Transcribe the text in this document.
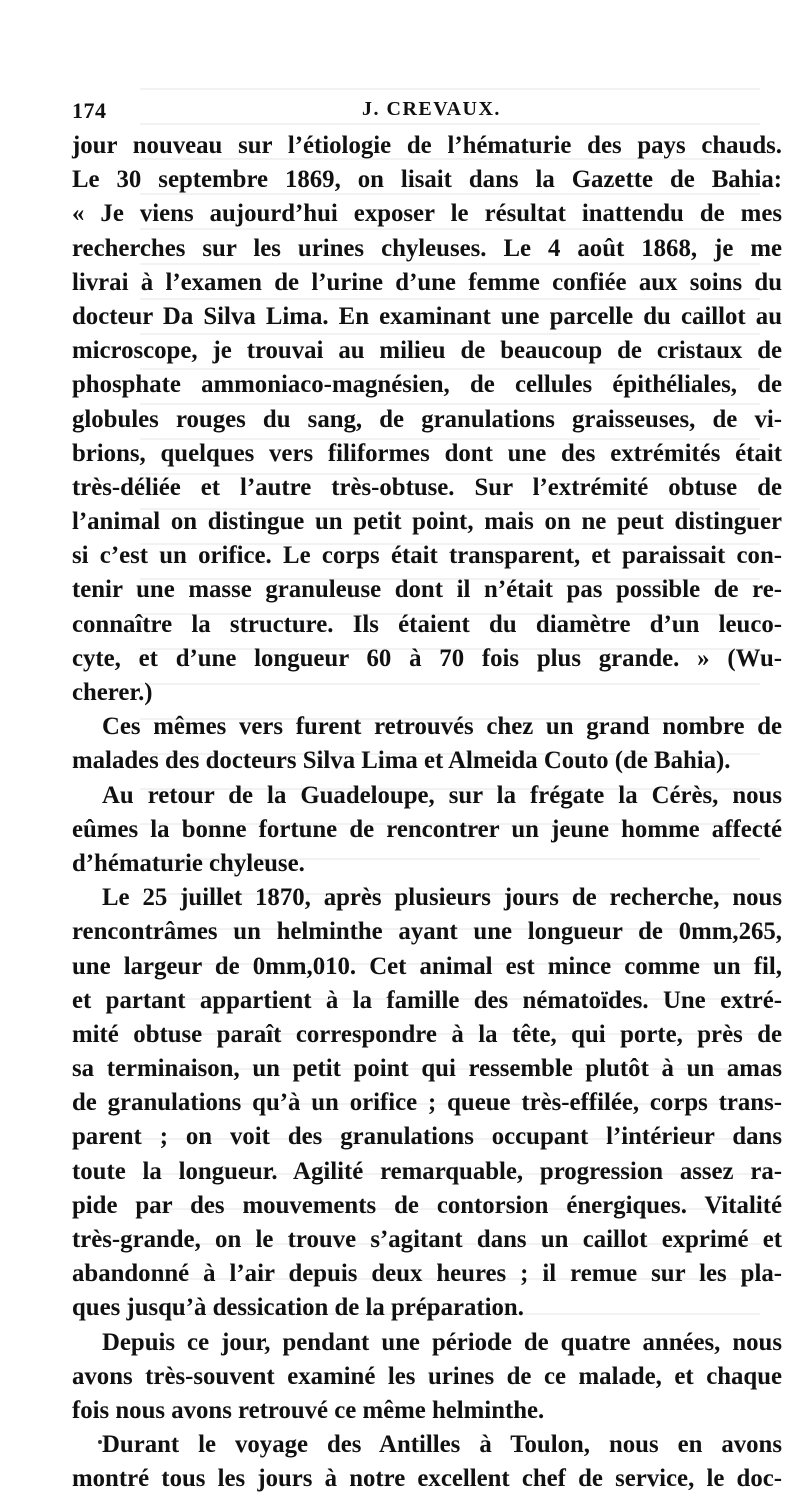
174	J. CREVAUX.
jour nouveau sur l’étiologie de l’hématurie des pays chauds.
Le 30 septembre 1869, on lisait dans la Gazette de Bahia:
« Je viens aujourd’hui exposer le résultat inattendu de mes
recherches sur les urines chyleuses. Le 4 août 1868, je me
livrai à l’examen de l’urine d’une femme confiée aux soins du
docteur Da Silva Lima. En examinant une parcelle du caillot au
microscope, je trouvai au milieu de beaucoup de cristaux de
phosphate ammoniaco-magnésien, de cellules épithéliales, de
globules rouges du sang, de granulations graisseuses, de vi-
brions, quelques vers filiformes dont une des extrémités était
très-déliée et l’autre très-obtuse. Sur l’extrémité obtuse de
l’animal on distingue un petit point, mais on ne peut distinguer
si c’est un orifice. Le corps était transparent, et paraissait con-
tenir une masse granuleuse dont il n’était pas possible de re-
connaître la structure. Ils étaient du diamètre d’un leuco-
cyte, et d’une longueur 60 à 70 fois plus grande. » (Wu-
cherer.)
Ces mêmes vers furent retrouvés chez un grand nombre de
malades des docteurs Silva Lima et Almeida Couto (de Bahia).
Au retour de la Guadeloupe, sur la frégate la Cérès, nous
eûmes la bonne fortune de rencontrer un jeune homme affecté
d’hématurie chyleuse.
Le 25 juillet 1870, après plusieurs jours de recherche, nous
rencontrâmes un helminthe ayant une longueur de 0mm,265,
une largeur de 0mm,010. Cet animal est mince comme un fil,
et partant appartient à la famille des nématoïdes. Une extré-
mité obtuse paraît correspondre à la tête, qui porte, près de
sa terminaison, un petit point qui ressemble plutôt à un amas
de granulations qu’à un orifice ; queue très-effilée, corps trans-
parent ; on voit des granulations occupant l’intérieur dans
toute la longueur. Agilité remarquable, progression assez ra-
pide par des mouvements de contorsion énergiques. Vitalité
très-grande, on le trouve s’agitant dans un caillot exprimé et
abandonné à l’air depuis deux heures ; il remue sur les pla-
ques jusqu’à dessication de la préparation.
Depuis ce jour, pendant une période de quatre années, nous
avons très-souvent examiné les urines de ce malade, et chaque
fois nous avons retrouvé ce même helminthe.
Durant le voyage des Antilles à Toulon, nous en avons
montré tous les jours à notre excellent chef de service, le doc-
